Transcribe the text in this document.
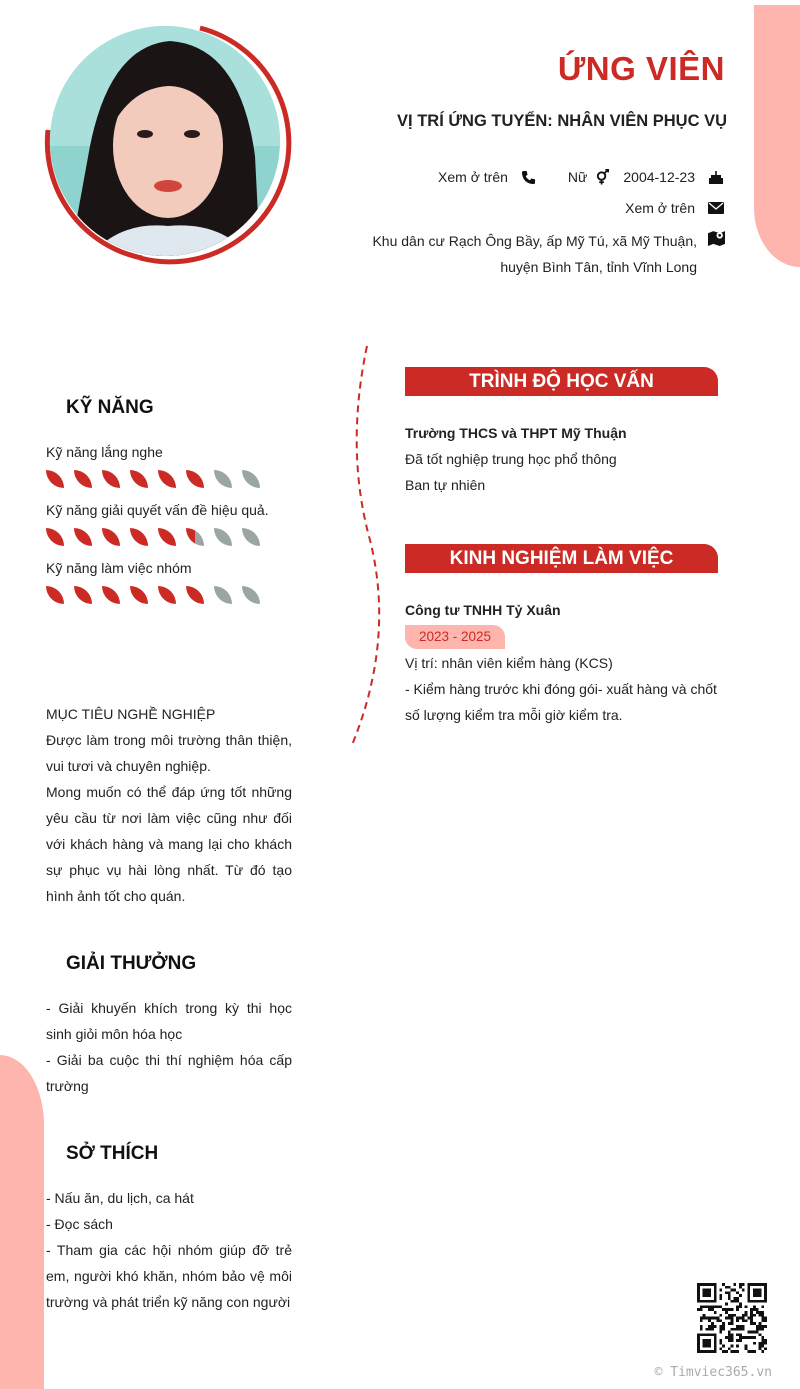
ỨNG VIÊN
VỊ TRÍ ỨNG TUYỂN: NHÂN VIÊN PHỤC VỤ
Xem ở trên	Nữ	2004-12-23
Xem ở trên
Khu dân cư Rạch Ông Bầy, ấp Mỹ Tú, xã Mỹ Thuận, huyện Bình Tân, tỉnh Vĩnh Long
KỸ NĂNG
Kỹ năng lắng nghe
Kỹ năng giải quyết vấn đề hiệu quả.
Kỹ năng làm việc nhóm
MỤC TIÊU NGHỀ NGHIỆP
Được làm trong môi trường thân thiện, vui tươi và chuyên nghiệp.
Mong muốn có thể đáp ứng tốt những yêu cầu từ nơi làm việc cũng như đối với khách hàng và mang lại cho khách sự phục vụ hài lòng nhất. Từ đó tạo hình ảnh tốt cho quán.
GIẢI THƯỞNG
- Giải khuyến khích trong kỳ thi học sinh giỏi môn hóa học
- Giải ba cuộc thi thí nghiệm hóa cấp trường
SỞ THÍCH
- Nấu ăn, du lịch, ca hát
- Đọc sách
- Tham gia các hội nhóm giúp đỡ trẻ em, người khó khăn, nhóm bảo vệ môi trường và phát triển kỹ năng con người
TRÌNH ĐỘ HỌC VẤN
Trường THCS và THPT Mỹ Thuận
Đã tốt nghiệp trung học phổ thông
Ban tự nhiên
KINH NGHIỆM LÀM VIỆC
Công tư TNHH Tỷ Xuân
2023 - 2025
Vị trí: nhân viên kiểm hàng (KCS)
- Kiểm hàng trước khi đóng gói- xuất hàng và chốt số lượng kiểm tra mỗi giờ kiểm tra.
© Timviec365.vn
